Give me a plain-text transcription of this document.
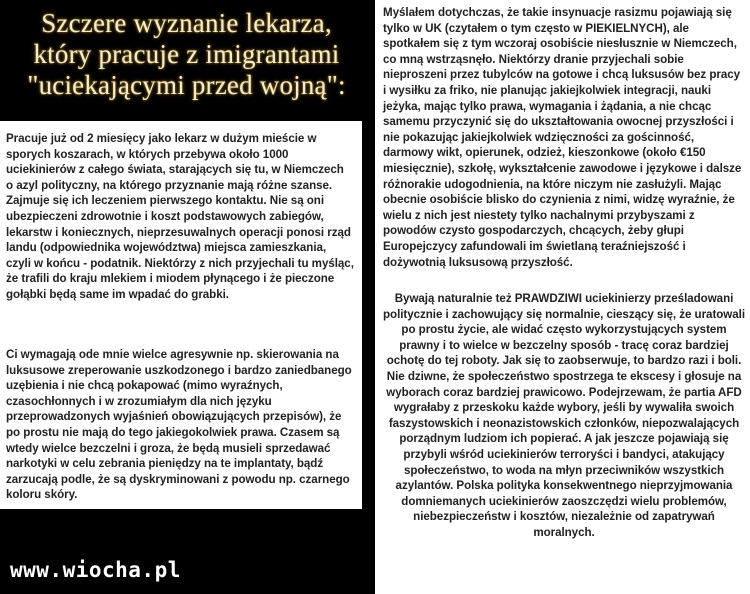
Szczere wyznanie lekarza,
który pracuje z imigrantami
"uciekającymi przed wojną":

Pracuje już od 2 miesięcy jako lekarz w dużym mieście w sporych koszarach, w których przebywa około 1000 uciekinierów z całego świata, starających się tu, w Niemczech o azyl polityczny, na którego przyznanie mają różne szanse. Zajmuje się ich leczeniem pierwszego kontaktu. Nie są oni ubezpieczeni zdrowotnie i koszt podstawowych zabiegów, lekarstw i koniecznych, nieprzesuwalnych operacji ponosi rząd landu (odpowiednika województwa) miejsca zamieszkania, czyli w końcu - podatnik. Niektórzy z nich przyjechali tu myśląc, że trafili do kraju mlekiem i miodem płynącego i że pieczone gołąbki będą same im wpadać do grabki.

Ci wymagają ode mnie wielce agresywnie np. skierowania na luksusowe zreperowanie uszkodzonego i bardzo zaniedbanego uzębienia i nie chcą pokapować (mimo wyraźnych, czasochłonnych i w zrozumiałym dla nich języku przeprowadzonych wyjaśnień obowiązujących przepisów), że po prostu nie mają do tego jakiegokolwiek prawa. Czasem są wtedy wielce bezczelni i groza, że będą musieli sprzedawać narkotyki w celu zebrania pieniędzy na te implantaty, bądź zarzucają podle, że są dyskryminowani z powodu np. czarnego koloru skóry.

www.wiocha.pl

Myślałem dotychczas, że takie insynuacje rasizmu pojawiają się tylko w UK (czytałem o tym często w PIEKIELNYCH), ale spotkałem się z tym wczoraj osobiście niesłusznie w Niemczech, co mną wstrząsnęło. Niektórzy dranie przyjechali sobie nieproszeni przez tubylców na gotowe i chcą luksusów bez pracy i wysiłku za friko, nie planując jakiejkolwiek integracji, nauki jeżyka, mając tylko prawa, wymagania i żądania, a nie chcąc samemu przyczynić się do ukształtowania owocnej przyszłości i nie pokazując jakiejkolwiek wdzięczności za gościnność, darmowy wikt, opierunek, odzież, kieszonkowe (około €150 miesięcznie), szkołę, wykształcenie zawodowe i językowe i dalsze różnorakie udogodnienia, na które niczym nie zasłużyli. Mając obecnie osobiście blisko do czynienia z nimi, widzę wyraźnie, że wielu z nich jest niestety tylko nachalnymi przybyszami z powodów czysto gospodarczych, chcących, żeby głupi Europejczycy zafundowali im świetlaną teraźniejszość i dożywotnią luksusową przyszłość.

Bywają naturalnie też PRAWDZIWI uciekinierzy prześladowani politycznie i zachowujący się normalnie, cieszący się, że uratowali po prostu życie, ale widać często wykorzystujących system prawny i to wielce w bezczelny sposób - tracę coraz bardziej ochotę do tej roboty. Jak się to zaobserwuje, to bardzo razi i boli. Nie dziwne, że społeczeństwo spostrzega te ekscesy i głosuje na wyborach coraz bardziej prawicowo. Podejrzewam, że partia AFD wygrałaby z przeskoku każde wybory, jeśli by wywaliła swoich faszystowskich i neonazistowskich członków, niepozwalających porządnym ludziom ich popierać. A jak jeszcze pojawiają się przybyli wśród uciekinierów terroryści i bandyci, atakujący społeczeństwo, to woda na młyn przeciwników wszystkich azylantów. Polska polityka konsekwentnego nieprzyjmowania domniemanych uciekinierów zaoszczędzi wielu problemów, niebezpieczeństw i kosztów, niezależnie od zapatrywań moralnych.
